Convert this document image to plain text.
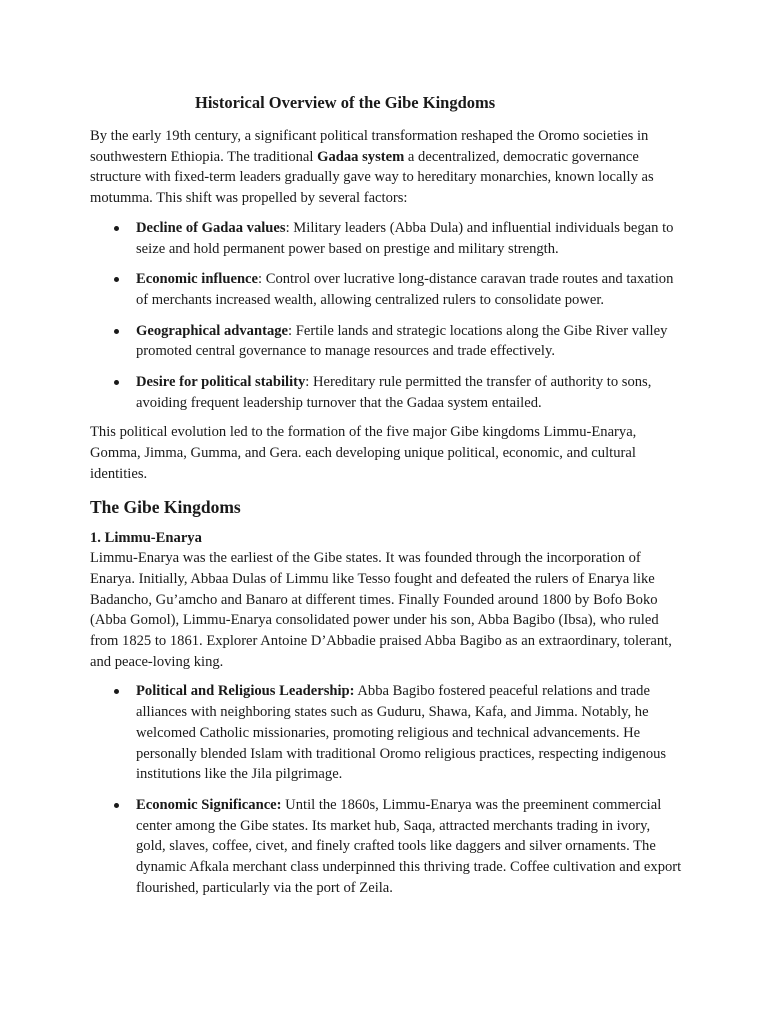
Historical Overview of the Gibe Kingdoms

By the early 19th century, a significant political transformation reshaped the Oromo societies in southwestern Ethiopia. The traditional Gadaa system a decentralized, democratic governance structure with fixed-term leaders gradually gave way to hereditary monarchies, known locally as motumma. This shift was propelled by several factors:

Decline of Gadaa values: Military leaders (Abba Dula) and influential individuals began to seize and hold permanent power based on prestige and military strength.
Economic influence: Control over lucrative long-distance caravan trade routes and taxation of merchants increased wealth, allowing centralized rulers to consolidate power.
Geographical advantage: Fertile lands and strategic locations along the Gibe River valley promoted central governance to manage resources and trade effectively.
Desire for political stability: Hereditary rule permitted the transfer of authority to sons, avoiding frequent leadership turnover that the Gadaa system entailed.

This political evolution led to the formation of the five major Gibe kingdoms Limmu-Enarya, Gomma, Jimma, Gumma, and Gera. each developing unique political, economic, and cultural identities.

The Gibe Kingdoms

1. Limmu-Enarya

Limmu-Enarya was the earliest of the Gibe states. It was founded through the incorporation of Enarya. Initially, Abbaa Dulas of Limmu like Tesso fought and defeated the rulers of Enarya like Badancho, Gu’amcho and Banaro at different times. Finally Founded around 1800 by Bofo Boko (Abba Gomol), Limmu-Enarya consolidated power under his son, Abba Bagibo (Ibsa), who ruled from 1825 to 1861. Explorer Antoine D’Abbadie praised Abba Bagibo as an extraordinary, tolerant, and peace-loving king.

Political and Religious Leadership: Abba Bagibo fostered peaceful relations and trade alliances with neighboring states such as Guduru, Shawa, Kafa, and Jimma. Notably, he welcomed Catholic missionaries, promoting religious and technical advancements. He personally blended Islam with traditional Oromo religious practices, respecting indigenous institutions like the Jila pilgrimage.
Economic Significance: Until the 1860s, Limmu-Enarya was the preeminent commercial center among the Gibe states. Its market hub, Saqa, attracted merchants trading in ivory, gold, slaves, coffee, civet, and finely crafted tools like daggers and silver ornaments. The dynamic Afkala merchant class underpinned this thriving trade. Coffee cultivation and export flourished, particularly via the port of Zeila.
